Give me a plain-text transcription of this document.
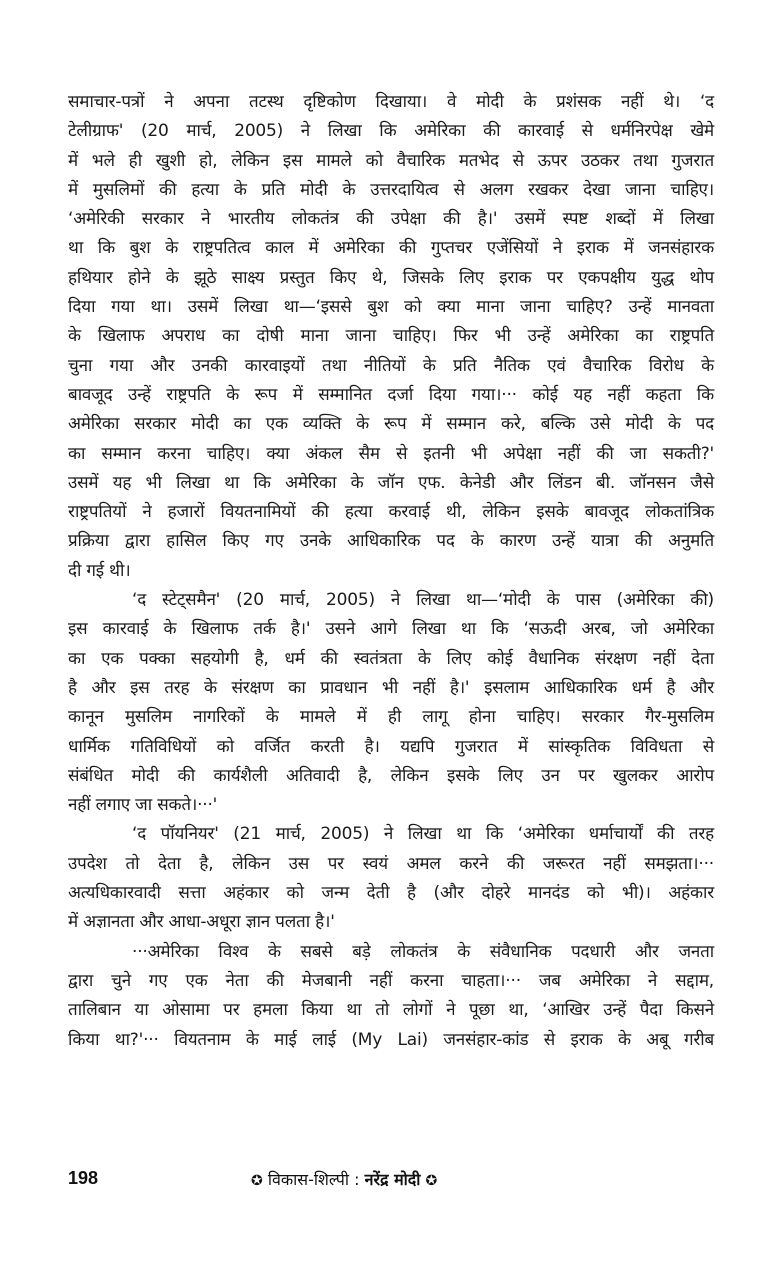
समाचार-पत्रों ने अपना तटस्थ दृष्टिकोण दिखाया। वे मोदी के प्रशंसक नहीं थे। ‘द
टेलीग्राफ' (20 मार्च, 2005) ने लिखा कि अमेरिका की कारवाई से धर्मनिरपेक्ष खेमे
में भले ही खुशी हो, लेकिन इस मामले को वैचारिक मतभेद से ऊपर उठकर तथा गुजरात
में मुसलिमों की हत्या के प्रति मोदी के उत्तरदायित्व से अलग रखकर देखा जाना चाहिए।
‘अमेरिकी सरकार ने भारतीय लोकतंत्र की उपेक्षा की है।' उसमें स्पष्ट शब्दों में लिखा
था कि बुश के राष्ट्रपतित्व काल में अमेरिका की गुप्तचर एजेंसियों ने इराक में जनसंहारक
हथियार होने के झूठे साक्ष्य प्रस्तुत किए थे, जिसके लिए इराक पर एकपक्षीय युद्ध थोप
दिया गया था। उसमें लिखा था—‘इससे बुश को क्या माना जाना चाहिए? उन्हें मानवता
के खिलाफ अपराध का दोषी माना जाना चाहिए। फिर भी उन्हें अमेरिका का राष्ट्रपति
चुना गया और उनकी कारवाइयों तथा नीतियों के प्रति नैतिक एवं वैचारिक विरोध के
बावजूद उन्हें राष्ट्रपति के रूप में सम्मानित दर्जा दिया गया।··· कोई यह नहीं कहता कि
अमेरिका सरकार मोदी का एक व्यक्ति के रूप में सम्मान करे, बल्कि उसे मोदी के पद
का सम्मान करना चाहिए। क्या अंकल सैम से इतनी भी अपेक्षा नहीं की जा सकती?'
उसमें यह भी लिखा था कि अमेरिका के जॉन एफ. केनेडी और लिंडन बी. जॉनसन जैसे
राष्ट्रपतियों ने हजारों वियतनामियों की हत्या करवाई थी, लेकिन इसके बावजूद लोकतांत्रिक
प्रक्रिया द्वारा हासिल किए गए उनके आधिकारिक पद के कारण उन्हें यात्रा की अनुमति
दी गई थी।
‘द स्टेट्समैन' (20 मार्च, 2005) ने लिखा था—‘मोदी के पास (अमेरिका की)
इस कारवाई के खिलाफ तर्क है।' उसने आगे लिखा था कि ‘सऊदी अरब, जो अमेरिका
का एक पक्का सहयोगी है, धर्म की स्वतंत्रता के लिए कोई वैधानिक संरक्षण नहीं देता
है और इस तरह के संरक्षण का प्रावधान भी नहीं है।' इसलाम आधिकारिक धर्म है और
कानून मुसलिम नागरिकों के मामले में ही लागू होना चाहिए। सरकार गैर-मुसलिम
धार्मिक गतिविधियों को वर्जित करती है। यद्यपि गुजरात में सांस्कृतिक विविधता से
संबंधित मोदी की कार्यशैली अतिवादी है, लेकिन इसके लिए उन पर खुलकर आरोप
नहीं लगाए जा सकते।···'
‘द पॉयनियर' (21 मार्च, 2005) ने लिखा था कि ‘अमेरिका धर्माचार्यों की तरह
उपदेश तो देता है, लेकिन उस पर स्वयं अमल करने की जरूरत नहीं समझता।···
अत्यधिकारवादी सत्ता अहंकार को जन्म देती है (और दोहरे मानदंड को भी)। अहंकार
में अज्ञानता और आधा-अधूरा ज्ञान पलता है।'
···अमेरिका विश्व के सबसे बड़े लोकतंत्र के संवैधानिक पदधारी और जनता
द्वारा चुने गए एक नेता की मेजबानी नहीं करना चाहता।··· जब अमेरिका ने सद्दाम,
तालिबान या ओसामा पर हमला किया था तो लोगों ने पूछा था, ‘आखिर उन्हें पैदा किसने
किया था?'··· वियतनाम के माई लाई (My Lai) जनसंहार-कांड से इराक के अबू गरीब
198	✪ विकास-शिल्पी : नरेंद्र मोदी ✪
